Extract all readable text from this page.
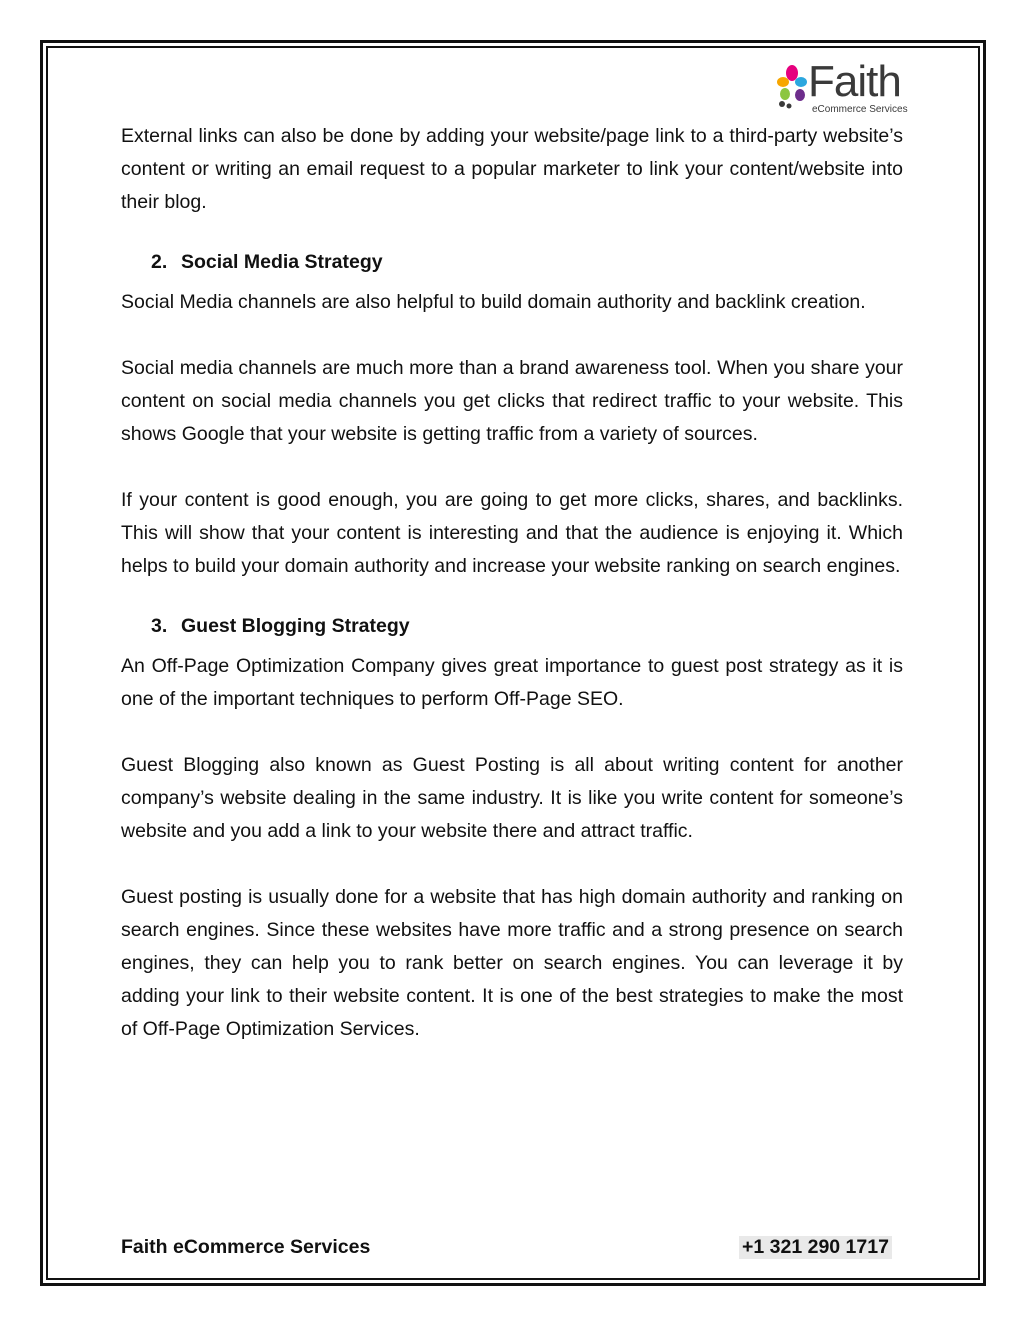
Faith
eCommerce Services

External links can also be done by adding your website/page link to a third-party website’s content or writing an email request to a popular marketer to link your content/website into their blog.

2. Social Media Strategy

Social Media channels are also helpful to build domain authority and backlink creation.

Social media channels are much more than a brand awareness tool. When you share your content on social media channels you get clicks that redirect traffic to your website. This shows Google that your website is getting traffic from a variety of sources.

If your content is good enough, you are going to get more clicks, shares, and backlinks. This will show that your content is interesting and that the audience is enjoying it. Which helps to build your domain authority and increase your website ranking on search engines.

3. Guest Blogging Strategy

An Off-Page Optimization Company gives great importance to guest post strategy as it is one of the important techniques to perform Off-Page SEO.

Guest Blogging also known as Guest Posting is all about writing content for another company’s website dealing in the same industry. It is like you write content for someone’s website and you add a link to your website there and attract traffic.

Guest posting is usually done for a website that has high domain authority and ranking on search engines. Since these websites have more traffic and a strong presence on search engines, they can help you to rank better on search engines. You can leverage it by adding your link to their website content. It is one of the best strategies to make the most of Off-Page Optimization Services.

Faith eCommerce Services	+1 321 290 1717
